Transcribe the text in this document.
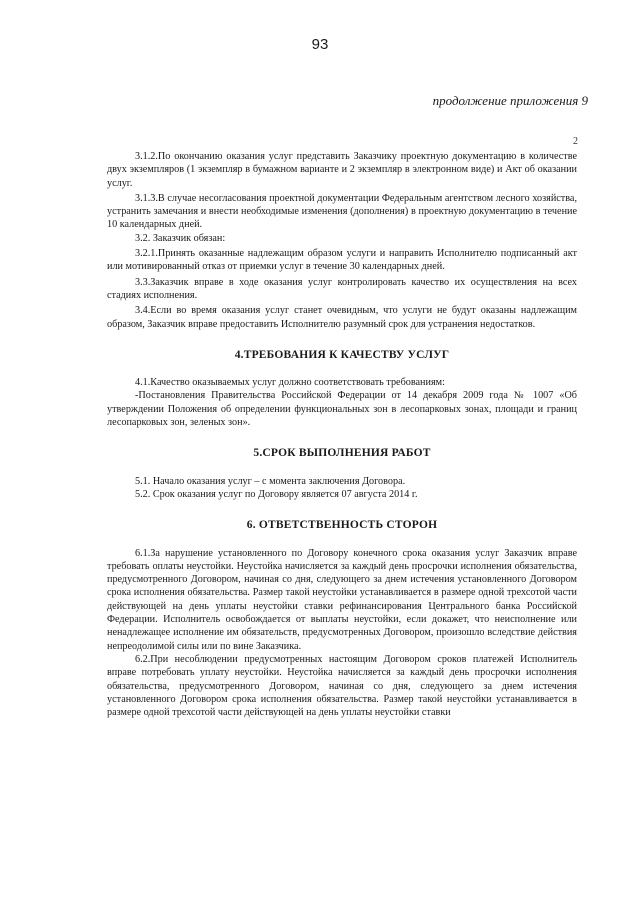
93
продолжение приложения 9
2

3.1.2.По окончанию оказания услуг представить Заказчику проектную документацию в количестве двух экземпляров (1 экземпляр в бумажном варианте и 2 экземпляр в электронном виде) и Акт об оказании услуг.

3.1.3.В случае несогласования проектной документации Федеральным агентством лесного хозяйства, устранить замечания и внести необходимые изменения (дополнения) в проектную документацию в течение 10 календарных дней.

3.2. Заказчик обязан:

3.2.1.Принять оказанные надлежащим образом услуги и направить Исполнителю подписанный акт или мотивированный отказ от приемки услуг в течение 30 календарных дней.

3.3.Заказчик вправе в ходе оказания услуг контролировать качество их осуществления на всех стадиях исполнения.

3.4.Если во время оказания услуг станет очевидным, что услуги не будут оказаны надлежащим образом, Заказчик вправе предоставить Исполнителю разумный срок для устранения недостатков.

4.ТРЕБОВАНИЯ К КАЧЕСТВУ УСЛУГ

4.1.Качество оказываемых услуг должно соответствовать требованиям:

-Постановления Правительства Российской Федерации от 14 декабря 2009 года № 1007 «Об утверждении Положения об определении функциональных зон в лесопарковых зонах, площади и границ лесопарковых зон, зеленых зон».

5.СРОК ВЫПОЛНЕНИЯ РАБОТ

5.1. Начало оказания услуг – с момента заключения Договора.

5.2. Срок оказания услуг по Договору является 07 августа 2014 г.

6. ОТВЕТСТВЕННОСТЬ СТОРОН

6.1.За нарушение установленного по Договору конечного срока оказания услуг Заказчик вправе требовать оплаты неустойки. Неустойка начисляется за каждый день просрочки исполнения обязательства, предусмотренного Договором, начиная со дня, следующего за днем истечения установленного Договором срока исполнения обязательства. Размер такой неустойки устанавливается в размере одной трехсотой части действующей на день уплаты неустойки ставки рефинансирования Центрального банка Российской Федерации. Исполнитель освобождается от выплаты неустойки, если докажет, что неисполнение или ненадлежащее исполнение им обязательств, предусмотренных Договором, произошло вследствие действия непреодолимой силы или по вине Заказчика.

6.2.При несоблюдении предусмотренных настоящим Договором сроков платежей Исполнитель вправе потребовать уплату неустойки. Неустойка начисляется за каждый день просрочки исполнения обязательства, предусмотренного Договором, начиная со дня, следующего за днем истечения установленного Договором срока исполнения обязательства. Размер такой неустойки устанавливается в размере одной трехсотой части действующей на день уплаты неустойки ставки
